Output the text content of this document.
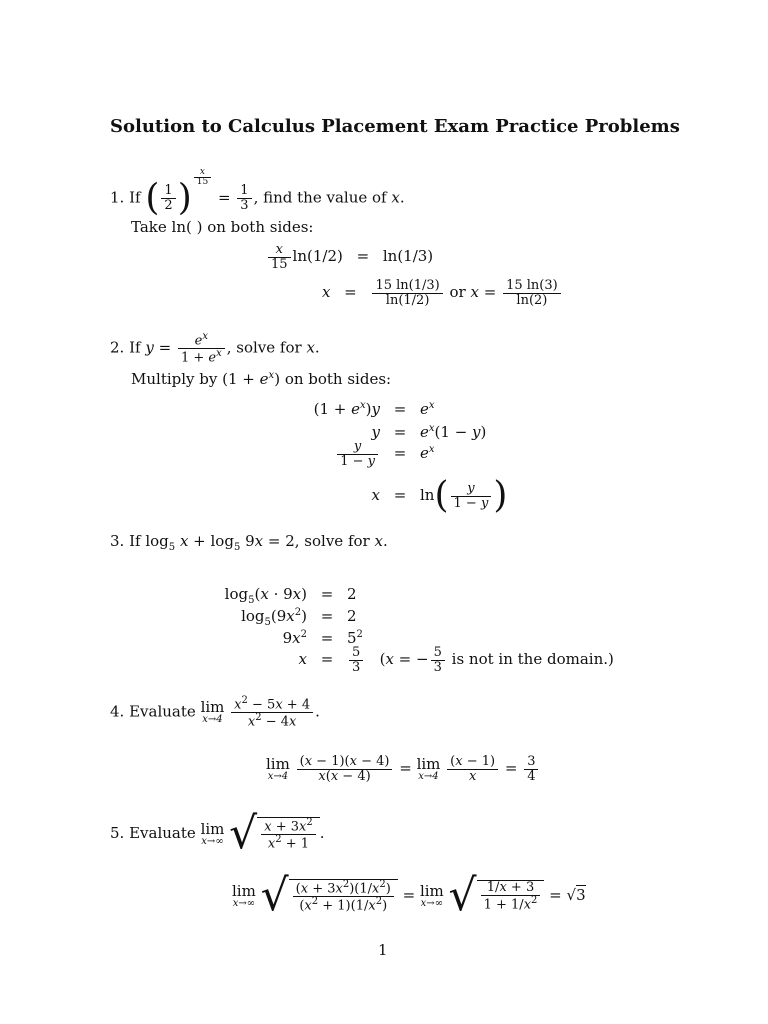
Solution to Calculus Placement Exam Practice Problems
1. If ( $\frac{1}{2}$ ) $^{\frac{x}{15}}$
= $\frac{1}{3}$ , find the value of x.
Take ln( ) on both sides:
$\frac{x}{15} \ln(1/2) = \ln(1/3)$
$x = \frac{15 \ln(1/3)}{\ln(1/2)}$ or $x = \frac{15 \ln(3)}{\ln(2)}$
2. If $y = \frac{e^x}{1 + e^x}$ , solve for x.
Multiply by $(1 + e^x)$ on both sides:
$(1 + e^x)y = e^x$
$y = e^x(1 - y)$
$\frac{y}{1 - y} = e^x$
$x = \ln( \frac{y}{1 - y}$ )
3. If $\log_5 x + \log_5 9x = 2$, solve for x.
$\log_5(x \cdot 9x) = 2$
$\log_5(9x^2) = 2$
$9x^2 = 5^2$
$x = \frac{5}{3} (x$ = − $\frac{5}{3}$ is not in the domain.)
4. Evaluate lim
x→4
$\frac{x^2 - 5x + 4}{x^2 - 4x}$ .
lim
x→4
$\frac{(x - 1)(x - 4)}{x(x - 4)} = \lim$
x→4
$\frac{(x - 1)}{x} = \frac{3}{4}$
5. Evaluate lim
x→∞ √ $\frac{x + 3x^2}{x^2 + 1}$ .
lim
x→∞ √ $\frac{(x + 3x^2)(1/x^2)}{(x^2 + 1)(1/x^2)} = \lim$
x→∞ √ $\frac{1/x + 3}{1 + 1/x^2} = √3$
1
